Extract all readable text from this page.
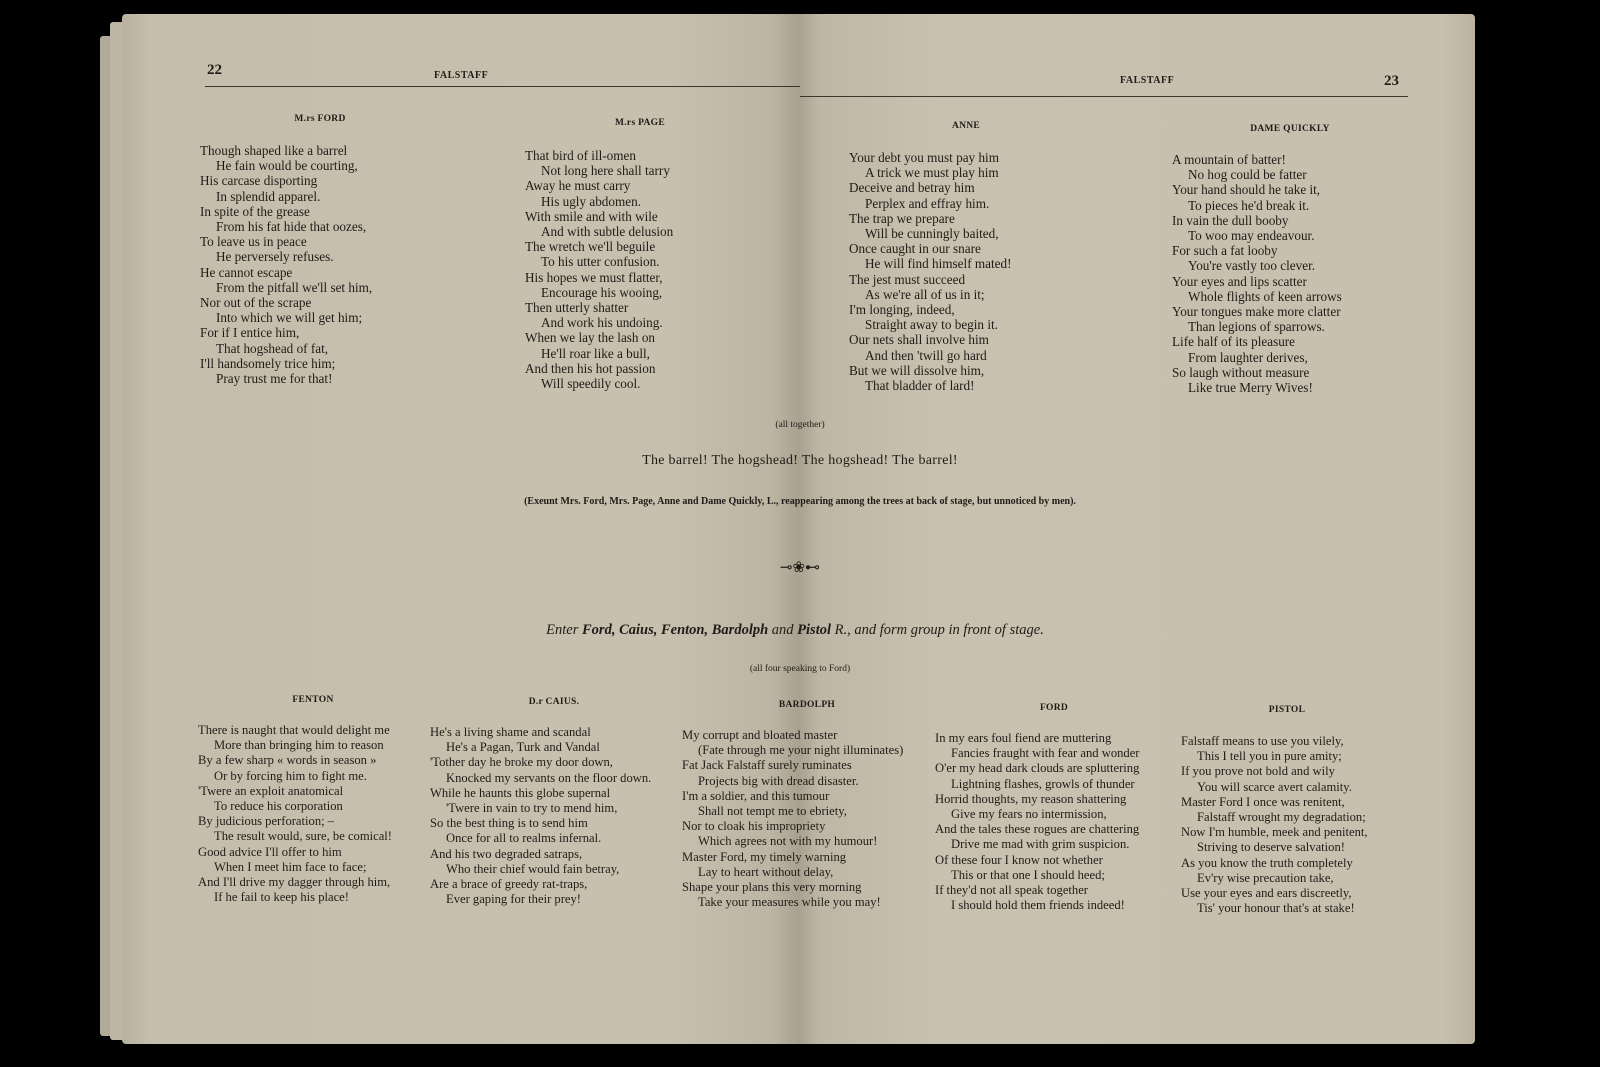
22	FALSTAFF	FALSTAFF	23
M.rs FORD
Though shaped like a barrel
He fain would be courting,
His carcase disporting
In splendid apparel.
In spite of the grease
From his fat hide that oozes,
To leave us in peace
He perversely refuses.
He cannot escape
From the pitfall we'll set him,
Nor out of the scrape
Into which we will get him;
For if I entice him,
That hogshead of fat,
I'll handsomely trice him;
Pray trust me for that!
M.rs PAGE
That bird of ill-omen
Not long here shall tarry
Away he must carry
His ugly abdomen.
With smile and with wile
And with subtle delusion
The wretch we'll beguile
To his utter confusion.
His hopes we must flatter,
Encourage his wooing,
Then utterly shatter
And work his undoing.
When we lay the lash on
He'll roar like a bull,
And then his hot passion
Will speedily cool.
ANNE
Your debt you must pay him
A trick we must play him
Deceive and betray him
Perplex and effray him.
The trap we prepare
Will be cunningly baited,
Once caught in our snare
He will find himself mated!
The jest must succeed
As we're all of us in it;
I'm longing, indeed,
Straight away to begin it.
Our nets shall involve him
And then 'twill go hard
But we will dissolve him,
That bladder of lard!
DAME QUICKLY
A mountain of batter!
No hog could be fatter
Your hand should he take it,
To pieces he'd break it.
In vain the dull booby
To woo may endeavour.
For such a fat looby
You're vastly too clever.
Your eyes and lips scatter
Whole flights of keen arrows
Your tongues make more clatter
Than legions of sparrows.
Life half of its pleasure
From laughter derives,
So laugh without measure
Like true Merry Wives!
(all together)
The barrel! The hogshead! The hogshead! The barrel!
(Exeunt Mrs. Ford, Mrs. Page, Anne and Dame Quickly, L., reappearing among the trees at back of stage, but unnoticed by men).
⊸❀⊷
Enter Ford, Caius, Fenton, Bardolph and Pistol R., and form group in front of stage.
(all four speaking to Ford)
FENTON
There is naught that would delight me
More than bringing him to reason
By a few sharp « words in season »
Or by forcing him to fight me.
'Twere an exploit anatomical
To reduce his corporation
By judicious perforation; –
The result would, sure, be comical!
Good advice I'll offer to him
When I meet him face to face;
And I'll drive my dagger through him,
If he fail to keep his place!
D.r CAIUS.
He's a living shame and scandal
He's a Pagan, Turk and Vandal
'Tother day he broke my door down,
Knocked my servants on the floor down.
While he haunts this globe supernal
'Twere in vain to try to mend him,
So the best thing is to send him
Once for all to realms infernal.
And his two degraded satraps,
Who their chief would fain betray,
Are a brace of greedy rat-traps,
Ever gaping for their prey!
BARDOLPH
My corrupt and bloated master
(Fate through me your night illuminates)
Fat Jack Falstaff surely ruminates
Projects big with dread disaster.
I'm a soldier, and this tumour
Shall not tempt me to ebriety,
Nor to cloak his impropriety
Which agrees not with my humour!
Master Ford, my timely warning
Lay to heart without delay,
Shape your plans this very morning
Take your measures while you may!
FORD
In my ears foul fiend are muttering
Fancies fraught with fear and wonder
O'er my head dark clouds are spluttering
Lightning flashes, growls of thunder
Horrid thoughts, my reason shattering
Give my fears no intermission,
And the tales these rogues are chattering
Drive me mad with grim suspicion.
Of these four I know not whether
This or that one I should heed;
If they'd not all speak together
I should hold them friends indeed!
PISTOL
Falstaff means to use you vilely,
This I tell you in pure amity;
If you prove not bold and wily
You will scarce avert calamity.
Master Ford I once was renitent,
Falstaff wrought my degradation;
Now I'm humble, meek and penitent,
Striving to deserve salvation!
As you know the truth completely
Ev'ry wise precaution take,
Use your eyes and ears discreetly,
Tis' your honour that's at stake!
